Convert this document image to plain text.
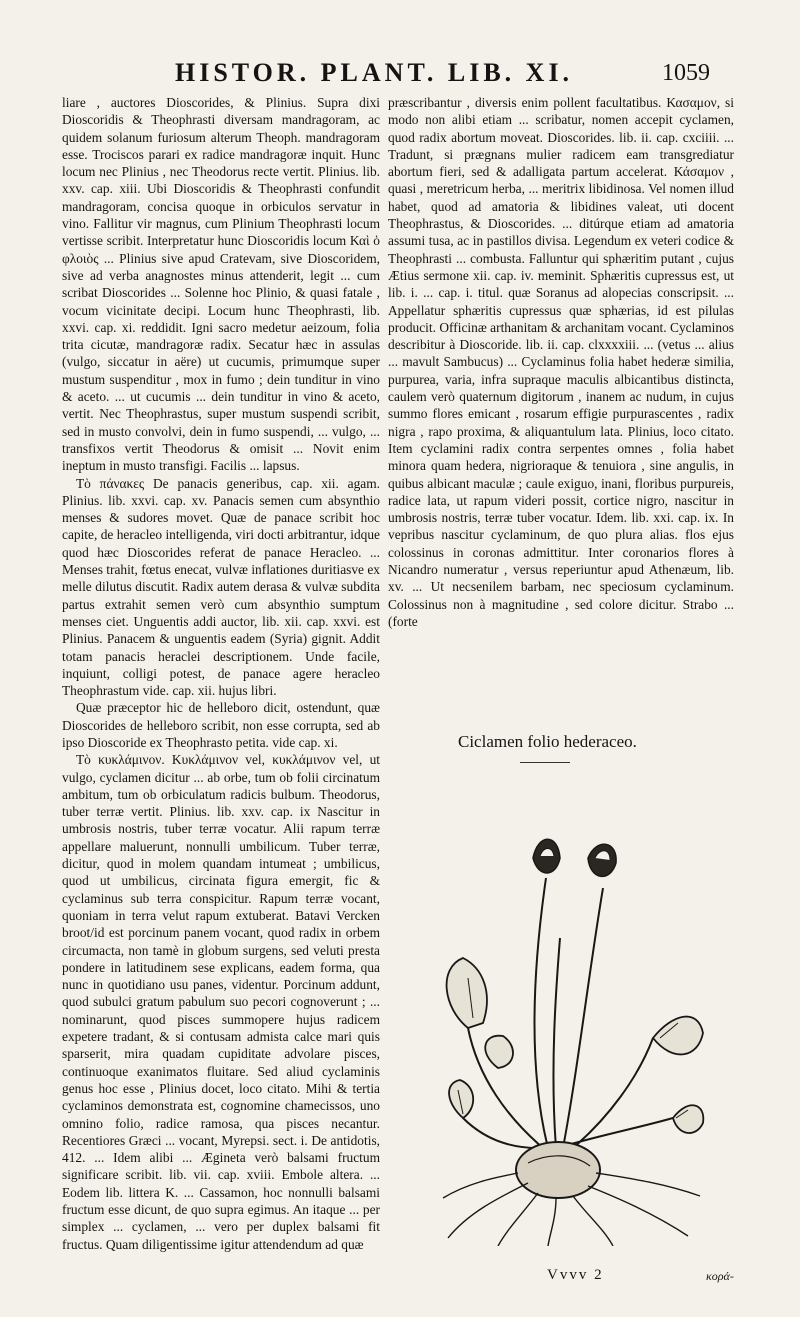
HISTOR. PLANT. LIB. XI.	1059

liare , auctores Dioscorides, & Plinius. Supra dixi Dioscoridis & Theophrasti diversam mandragoram, ac quidem solanum furiosum alterum Theoph. mandragoram esse. Trociscos parari ex radice mandragoræ inquit. Hunc locum nec Plinius , nec Theodorus recte vertit. Plinius. lib. xxv. cap. xiii. Ubi Dioscoridis & Theophrasti confundit mandragoram, concisa quoque in orbiculos servatur in vino. Fallitur vir magnus, cum Plinium Theophrasti locum vertisse scribit. Interpretatur hunc Dioscoridis locum Καὶ ὁ φλοιὸς ... Plinius sive apud Cratevam, sive Dioscoridem, sive ad verba anagnostes minus attenderit, legit ... cum scribat Dioscorides ... Solenne hoc Plinio, & quasi fatale , vocum vicinitate decipi. Locum hunc Theophrasti, lib. xxvi. cap. xi. reddidit. Igni sacro medetur aeizoum, folia trita cicutæ, mandragoræ radix. Secatur hæc in assulas (vulgo, siccatur in aëre) ut cucumis, primumque super mustum suspenditur , mox in fumo ; dein tunditur in vino & aceto. ... ut cucumis ... dein tunditur in vino & aceto, vertit. Nec Theophrastus, super mustum suspendi scribit, sed in musto convolvi, dein in fumo suspendi, ... vulgo, ... transfixos vertit Theodorus & omisit ... Novit enim ineptum in musto transfigi. Facilis ... lapsus.

Τὸ πάνακες De panacis generibus, cap. xii. agam. Plinius. lib. xxvi. cap. xv. Panacis semen cum absynthio menses & sudores movet. Quæ de panace scribit hoc capite, de heracleo intelligenda, viri docti arbitrantur, idque quod hæc Dioscorides referat de panace Heracleo. ... Menses trahit, fœtus enecat, vulvæ inflationes duritiasve ex melle dilutus discutit. Radix autem derasa & vulvæ subdita partus extrahit semen verò cum absynthio sumptum menses ciet. Unguentis addi auctor, lib. xii. cap. xxvi. est Plinius. Panacem & unguentis eadem (Syria) gignit. Addit totam panacis heraclei descriptionem. Unde facile, inquiunt, colligi potest, de panace agere heracleo Theophrastum vide. cap. xii. hujus libri.

Quæ præceptor hic de helleboro dicit, ostendunt, quæ Dioscorides de helleboro scribit, non esse corrupta, sed ab ipso Dioscoride ex Theophrasto petita. vide cap. xi.

Τὸ κυκλάμινον. Κυκλάμινον vel, κυκλάμινον vel, ut vulgo, cyclamen dicitur ... ab orbe, tum ob folii circinatum ambitum, tum ob orbiculatum radicis bulbum. Theodorus, tuber terræ vertit. Plinius. lib. xxv. cap. ix Nascitur in umbrosis nostris, tuber terræ vocatur. Alii rapum terræ appellare maluerunt, nonnulli umbilicum. Tuber terræ, dicitur, quod in molem quandam intumeat ; umbilicus, quod ut umbilicus, circinata figura emergit, fic & cyclaminus sub terra conspicitur. Rapum terræ vocant, quoniam in terra velut rapum extuberat. Batavi Vercken broot/id est porcinum panem vocant, quod radix in orbem circumacta, non tamè in globum surgens, sed veluti presta pondere in latitudinem sese explicans, eadem forma, qua nunc in quotidiano usu panes, videntur. Porcinum addunt, quod subulci gratum pabulum suo pecori cognoverunt ; ... nominarunt, quod pisces summopere hujus radicem expetere tradant, & si contusam admista calce mari quis sparserit, mira quadam cupiditate advolare pisces, continuoque exanimatos fluitare. Sed aliud cyclaminis genus hoc esse , Plinius docet, loco citato. Mihi & tertia cyclaminos demonstrata est, cognomine chamecissos, uno omnino folio, radice ramosa, qua pisces necantur. Recentiores Græci ... vocant, Myrepsi. sect. i. De antidotis, 412. ... Idem alibi ... Ægineta verò balsami fructum significare scribit. lib. vii. cap. xviii. Embole altera. ... Eodem lib. littera K. ... Cassamon, hoc nonnulli balsami fructum esse dicunt, de quo supra egimus. An itaque ... per simplex ... cyclamen, ... vero per duplex balsami fit fructus. Quam diligentissime igitur attendendum ad quæ

præscribantur , diversis enim pollent facultatibus. Κασαμον, si modo non alibi etiam ... scribatur, nomen accepit cyclamen, quod radix abortum moveat. Dioscorides. lib. ii. cap. cxciiii. ... Tradunt, si prægnans mulier radicem eam transgrediatur abortum fieri, sed & adalligata partum accelerat. Κάσαμον , quasi , meretricum herba, ... meritrix libidinosa. Vel nomen illud habet, quod ad amatoria & libidines valeat, uti docent Theophrastus, & Dioscorides. ... ditúrque etiam ad amatoria assumi tusa, ac in pastillos divisa. Legendum ex veteri codice & Theophrasti ... combusta. Falluntur qui sphæritim putant , cujus Ætius sermone xii. cap. iv. meminit. Sphæritis cupressus est, ut lib. i. ... cap. i. titul. quæ Soranus ad alopecias conscripsit. ... Appellatur sphæritis cupressus quæ sphærias, id est pilulas producit. Officinæ arthanitam & archanitam vocant. Cyclaminos describitur à Dioscoride. lib. ii. cap. clxxxxiii. ... (vetus ... alius ... mavult Sambucus) ... Cyclaminus folia habet hederæ similia, purpurea, varia, infra supraque maculis albicantibus distincta, caulem verò quaternum digitorum , inanem ac nudum, in cujus summo flores emicant , rosarum effigie purpurascentes , radix nigra , rapo proxima, & aliquantulum lata. Plinius, loco citato. Item cyclamini radix contra serpentes omnes , folia habet minora quam hedera, nigrioraque & tenuiora , sine angulis, in quibus albicant maculæ ; caule exiguo, inani, floribus purpureis, radice lata, ut rapum videri possit, cortice nigro, nascitur in umbrosis nostris, terræ tuber vocatur. Idem. lib. xxi. cap. ix. In vepribus nascitur cyclaminum, de quo plura alias. flos ejus colossinus in coronas admittitur. Inter coronarios flores à Nicandro numeratur , versus reperiuntur apud Athenæum, lib. xv. ... Ut necsenilem barbam, nec speciosum cyclaminum. Colossinus non à magnitudine , sed colore dicitur. Strabo ... (forte

Ciclamen folio hederaceo.
Vvvv 2	κορά-
